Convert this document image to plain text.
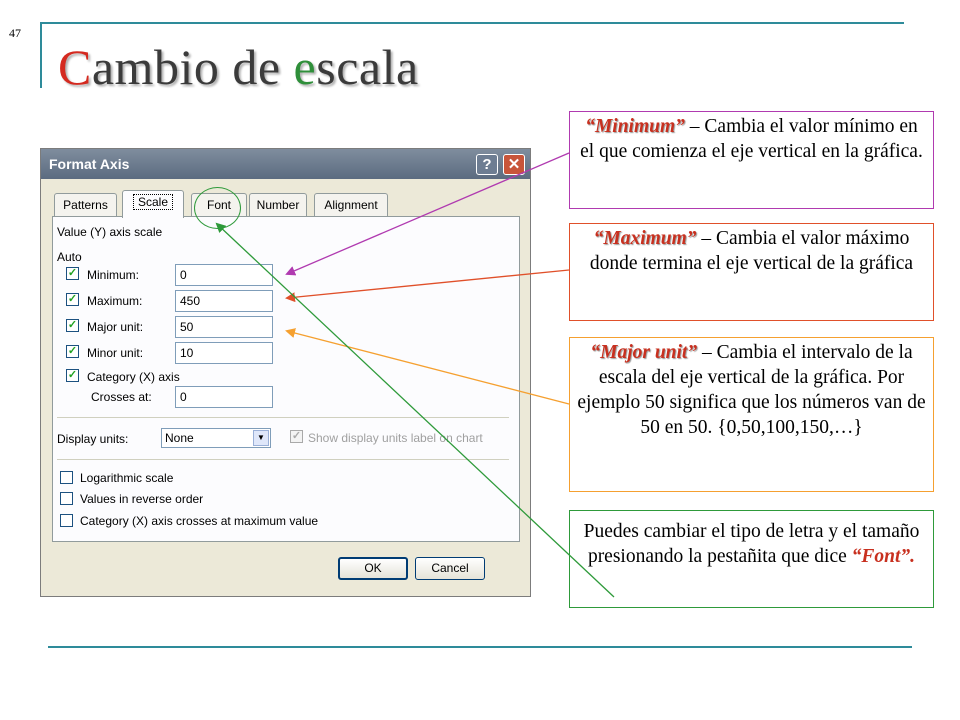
47
Cambio de escala
Format Axis	?	✕
Patterns	Scale	Font	Number	Alignment
Value (Y) axis scale
Auto
✓ Minimum:	0
✓ Maximum:	450
✓ Major unit:	50
✓ Minor unit:	10
✓ Category (X) axis
Crosses at:	0
Display units:	None	▼	✓ Show display units label on chart
Logarithmic scale
Values in reverse order
Category (X) axis crosses at maximum value
OK	Cancel
“Minimum” – Cambia el valor mínimo en el que comienza el eje vertical en la gráfica.
“Maximum” – Cambia el valor máximo donde termina el eje vertical de la gráfica
“Major unit” – Cambia el intervalo de la escala del eje vertical de la gráfica. Por ejemplo 50 significa que los números van de 50 en 50. {0,50,100,150,…}
Puedes cambiar el tipo de letra y el tamaño presionando la pestañita que dice “Font”.
